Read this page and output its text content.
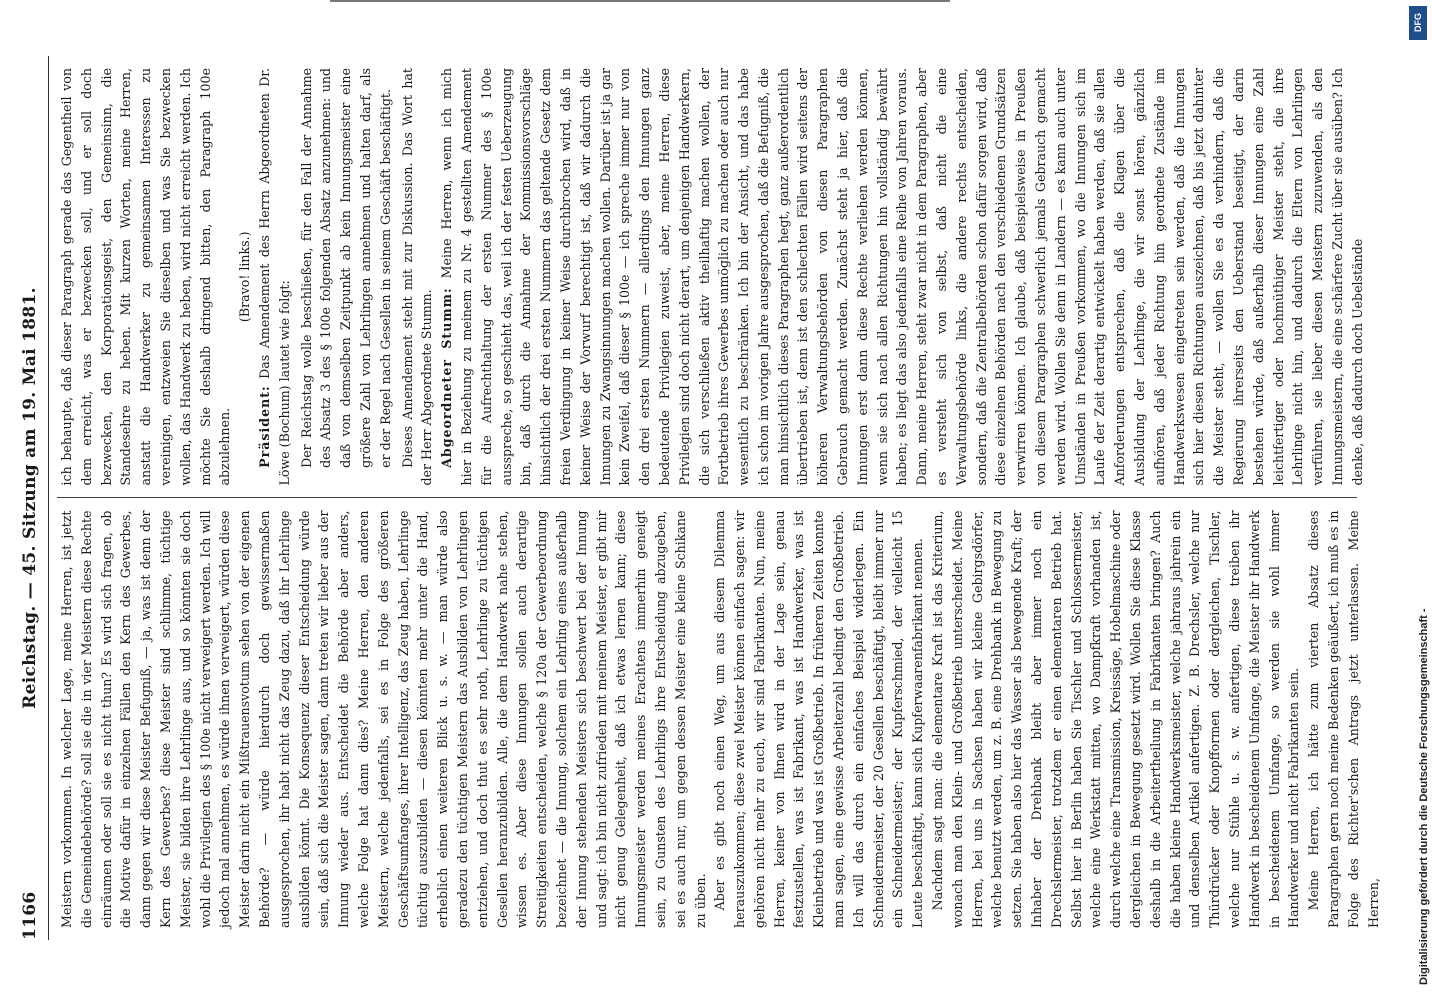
1166
Reichstag. — 45. Sitzung am 19. Mai 1881.

Meistern vorkommen. In welcher Lage, meine Herren, ist jetzt die Gemeindebehörde? soll sie die in vier Meistern diese Rechte einräumen oder soll sie es nicht thun? Es wird sich fragen, ob die Motive dafür in einzelnen Fällen den Kern des Gewerbes, dann gegen wir diese Meister Befugniß, — ja, was ist denn der Kern des Gewerbes? diese Meister sind schlimme, tüchtige Meister, sie bilden ihre Lehrlinge aus, und so könnten sie doch wohl die Privilegien des § 100e nicht verweigert werden. Ich will jedoch mal annehmen, es würde ihnen verweigert, würden diese Meister darin nicht ein Mißtrauensvotum sehen von der eigenen Behörde? — würde hierdurch doch gewissermaßen ausgesprochen, ihr habt nicht das Zeug dazu, daß ihr Lehrlinge ausbilden könnt. Die Konsequenz dieser Entscheidung würde sein, daß sich die Meister sagen, dann treten wir lieber aus der Innung wieder aus. Entscheidet die Behörde aber anders, welche Folge hat dann dies? Meine Herren, den anderen Meistern, welche jedenfalls, sei es in Folge des größeren Geschäftsumfanges, ihrer Intelligenz, das Zeug haben, Lehrlinge tüchtig auszubilden — diesen könnten mehr unter die Hand, erheblich einen weiteren Blick u. s. w. — man würde also geradezu den tüchtigen Meistern das Ausbilden von Lehrlingen entziehen, und doch thut es sehr noth, Lehrlinge zu tüchtigen Gesellen heranzubilden. Alle, die dem Handwerk nahe stehen, wissen es. Aber diese Innungen sollen auch derartige Streitigkeiten entscheiden, welche § 120a der Gewerbeordnung bezeichnet — die Innung, solchem ein Lehrling eines außerhalb der Innung stehenden Meisters sich beschwert bei der Innung und sagt: ich bin nicht zufrieden mit meinem Meister, er gibt mir nicht genug Gelegenheit, daß ich etwas lernen kann; diese Innungsmeister werden meines Erachtens immerhin geneigt sein, zu Gunsten des Lehrlings ihre Entscheidung abzugeben, sei es auch nur, um gegen dessen Meister eine kleine Schikane zu üben. Aber es gibt noch einen Weg, um aus diesem Dilemma herauszukommen; diese zwei Meister können einfach sagen: wir gehören nicht mehr zu euch, wir sind Fabrikanten. Nun, meine Herren, keiner von Ihnen wird in der Lage sein, genau festzustellen, was ist Fabrikant, was ist Handwerker, was ist Kleinbetrieb und was ist Großbetrieb. In früheren Zeiten konnte man sagen, eine gewisse Arbeiterzahl bedingt den Großbetrieb. Ich will das durch ein einfaches Beispiel widerlegen. Ein Schneidermeister, der 20 Gesellen beschäftigt, bleibt immer nur ein Schneidermeister; der Kupferschmied, der vielleicht 15 Leute beschäftigt, kann sich Kupferwaarenfabrikant nennen. Nachdem sagt man: die elementare Kraft ist das Kriterium, wonach man den Klein- und Großbetrieb unterscheidet. Meine Herren, bei uns in Sachsen haben wir kleine Gebirgsdörfer, welche benutzt werden, um z. B. eine Drehbank in Bewegung zu setzen. Sie haben also hier das Wasser als bewegende Kraft; der Inhaber der Drehbank bleibt aber immer noch ein Drechslermeister, trotzdem er einen elementaren Betrieb hat. Selbst hier in Berlin haben Sie Tischler und Schlossermeister, welche eine Werkstatt mitten, wo Dampfkraft vorhanden ist, durch welche eine Transmission, Kreissäge, Hobelmaschine oder dergleichen in Bewegung gesetzt wird. Wollen Sie diese Klasse deshalb in die Arbeitertheilung in Fabrikanten bringen? Auch die haben kleine Handwerksmeister, welche jahraus jahrein ein und denselben Artikel anfertigen. Z. B. Drechsler, welche nur Thürdrücker oder Knopfformen oder dergleichen, Tischler, welche nur Stühle u. s. w. anfertigen, diese treiben ihr Handwerk in bescheidenem Umfange, die Meister ihr Handwerk in bescheidenem Umfange, so werden sie wohl immer Handwerker und nicht Fabrikanten sein. Meine Herren, ich hätte zum vierten Absatz dieses Paragraphen gern noch meine Bedenken geäußert, ich muß es in Folge des Richter'schen Antrags jetzt unterlassen. Meine Herren,

ich behaupte, daß dieser Paragraph gerade das Gegentheil von dem erreicht, was er bezwecken soll, und er soll doch bezwecken, den Korporationsgeist, den Gemeinsinn, die Standesehre zu heben. Mit kurzen Worten, meine Herren, anstatt die Handwerker zu gemeinsamen Interessen zu vereinigen, entzweien Sie dieselben und was Sie bezwecken wollen, das Handwerk zu heben, wird nicht erreicht werden. Ich möchte Sie deshalb dringend bitten, den Paragraph 100e abzulehnen.

(Bravo! links.)

Präsident: Das Amendement des Herrn Abgeordneten Dr. Löwe (Bochum) lautet wie folgt: Der Reichstag wolle beschließen, für den Fall der Annahme des Absatz 3 des § 100e folgenden Absatz anzunehmen: und daß von demselben Zeitpunkt ab kein Innungsmeister eine größere Zahl von Lehrlingen annehmen und halten darf, als er der Regel nach Gesellen in seinem Geschäft beschäftigt. Dieses Amendement steht mit zur Diskussion. Das Wort hat der Herr Abgeordnete Stumm. Abgeordneter Stumm: Meine Herren, wenn ich mich hier in Beziehung zu meinem zu Nr. 4 gestellten Amendement für die Aufrechthaltung der ersten Nummer des § 100e ausspreche, so geschieht das, weil ich der festen Ueberzeugung bin, daß durch die Annahme der Kommissionsvorschläge hinsichtlich der drei ersten Nummern das geltende Gesetz dem freien Verdingung in keiner Weise durchbrochen wird, daß in keiner Weise der Vorwurf berechtigt ist, daß wir dadurch die Innungen zu Zwangsinnungen machen wollen. Darüber ist ja gar kein Zweifel, daß dieser § 100e — ich spreche immer nur von den drei ersten Nummern — allerdings den Innungen ganz bedeutende Privilegien zuweist, aber, meine Herren, diese Privilegien sind doch nicht derart, um denjenigen Handwerkern, die sich verschließen aktiv theilhaftig machen wollen, der Fortbetrieb ihres Gewerbes unmöglich zu machen oder auch nur wesentlich zu beschränken. Ich bin der Ansicht, und das habe ich schon im vorigen Jahre ausgesprochen, daß die Befugniß, die man hinsichtlich dieses Paragraphen hegt, ganz außerordentlich übertrieben ist, denn ist den schlechten Fällen wird seitens der höheren Verwaltungsbehörden von diesen Paragraphen Gebrauch gemacht werden. Zunächst steht ja hier, daß die Innungen erst dann diese Rechte verliehen werden können, wenn sie sich nach allen Richtungen hin vollständig bewährt haben; es liegt das also jedenfalls eine Reihe von Jahren voraus. Dann, meine Herren, steht zwar nicht in dem Paragraphen, aber es versteht sich von selbst, daß nicht die eine Verwaltungsbehörde links, die andere rechts entscheiden, sondern, daß die Zentralbehörden schon dafür sorgen wird, daß diese einzelnen Behörden nach den verschiedenen Grundsätzen verwirren können. Ich glaube, daß beispielsweise in Preußen von diesem Paragraphen schwerlich jemals Gebrauch gemacht werden wird. Wollen Sie denn in Landern — es kann auch unter Umständen in Preußen vorkommen, wo die Innungen sich im Laufe der Zeit derartig entwickelt haben werden, daß sie allen Anforderungen entsprechen, daß die Klagen über die Ausbildung der Lehrlinge, die wir sonst hören, gänzlich aufhören, daß jeder Richtung hin geordnete Zustände im Handwerkswesen eingetreten sein werden, daß die Innungen sich hier diesen Richtungen auszeichnen, daß bis jetzt dahinter die Meister steht, — wollen Sie es da verhindern, daß die Regierung ihrerseits den Ueberstand beseitigt, der darin bestehen würde, daß außerhalb dieser Innungen eine Zahl leichtfertiger oder hochmüthiger Meister steht, die ihre Lehrlinge nicht hin, und dadurch die Eltern von Lehrlingen verführen, sie lieber diesen Meistern zuzuwenden, als den Innungsmeistern, die eine schärfere Zucht über sie ausüben? Ich denke, daß dadurch doch Uebelstände

Digitalisierung gefördert durch die Deutsche Forschungsgemeinschaft -
DFG
